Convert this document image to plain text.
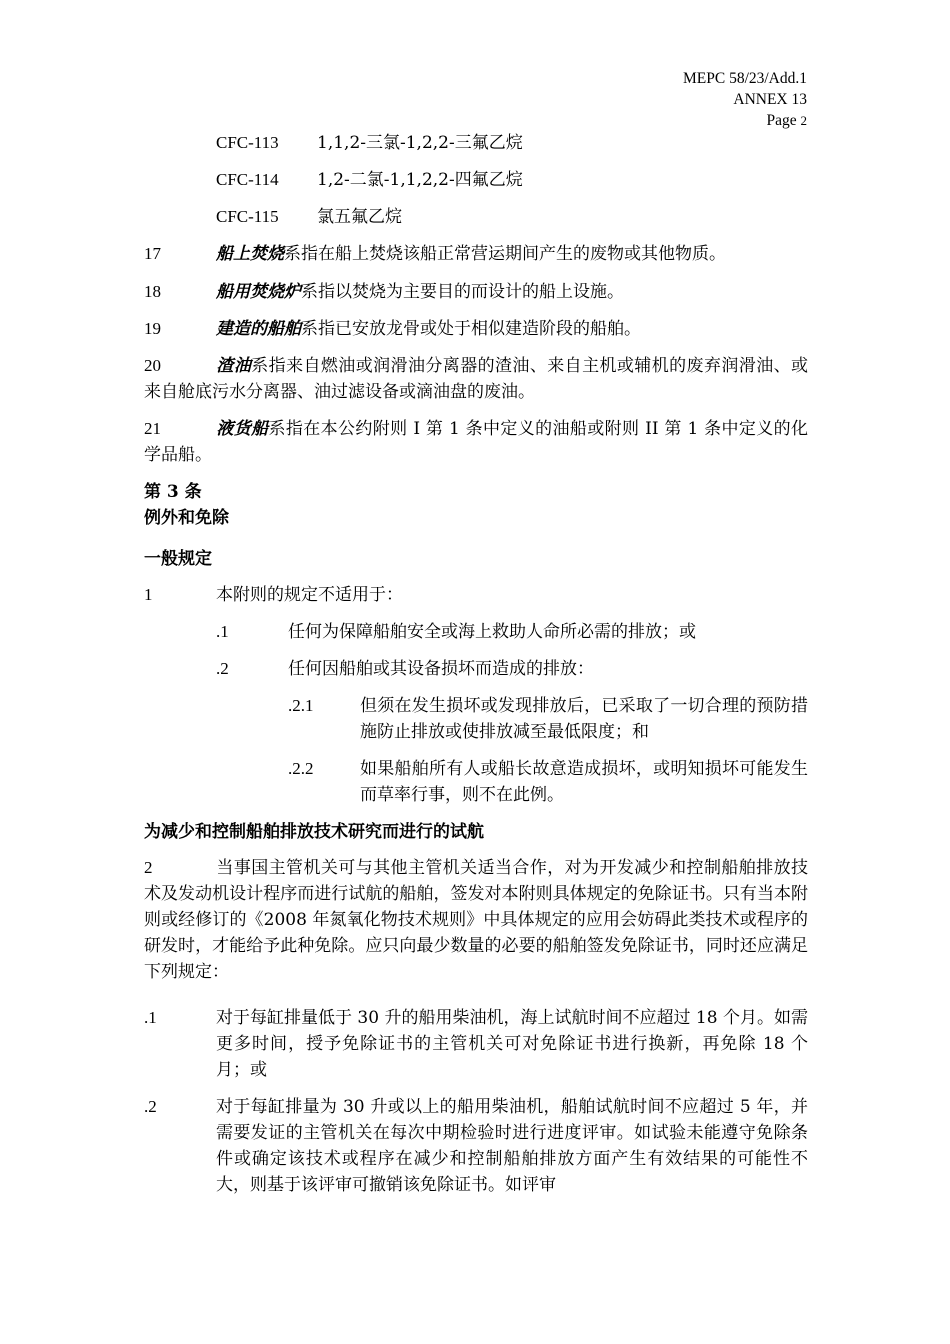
MEPC 58/23/Add.1
ANNEX 13
Page 2
CFC-113 1,1,2-三氯-1,2,2-三氟乙烷
CFC-114 1,2-二氯-1,1,2,2-四氟乙烷
CFC-115 氯五氟乙烷
17	船上焚烧系指在船上焚烧该船正常营运期间产生的废物或其他物质。
18	船用焚烧炉系指以焚烧为主要目的而设计的船上设施。
19	建造的船舶系指已安放龙骨或处于相似建造阶段的船舶。
20	渣油系指来自燃油或润滑油分离器的渣油、来自主机或辅机的废弃润滑油、或来自舱底污水分离器、油过滤设备或滴油盘的废油。
21	液货船系指在本公约附则 I 第 1 条中定义的油船或附则 II 第 1 条中定义的化学品船。
第 3 条
例外和免除
一般规定
1	本附则的规定不适用于：
.1	任何为保障船舶安全或海上救助人命所必需的排放；或
.2	任何因船舶或其设备损坏而造成的排放：
.2.1	但须在发生损坏或发现排放后，已采取了一切合理的预防措施防止排放或使排放减至最低限度；和
.2.2	如果船舶所有人或船长故意造成损坏，或明知损坏可能发生而草率行事，则不在此例。
为减少和控制船舶排放技术研究而进行的试航
2	当事国主管机关可与其他主管机关适当合作，对为开发减少和控制船舶排放技术及发动机设计程序而进行试航的船舶，签发对本附则具体规定的免除证书。只有当本附则或经修订的《2008 年氮氧化物技术规则》中具体规定的应用会妨碍此类技术或程序的研发时，才能给予此种免除。应只向最少数量的必要的船舶签发免除证书，同时还应满足下列规定：
.1	对于每缸排量低于 30 升的船用柴油机，海上试航时间不应超过 18 个月。如需更多时间，授予免除证书的主管机关可对免除证书进行换新，再免除 18 个月；或
.2	对于每缸排量为 30 升或以上的船用柴油机，船舶试航时间不应超过 5 年，并需要发证的主管机关在每次中期检验时进行进度评审。如试验未能遵守免除条件或确定该技术或程序在减少和控制船舶排放方面产生有效结果的可能性不大，则基于该评审可撤销该免除证书。如评审
